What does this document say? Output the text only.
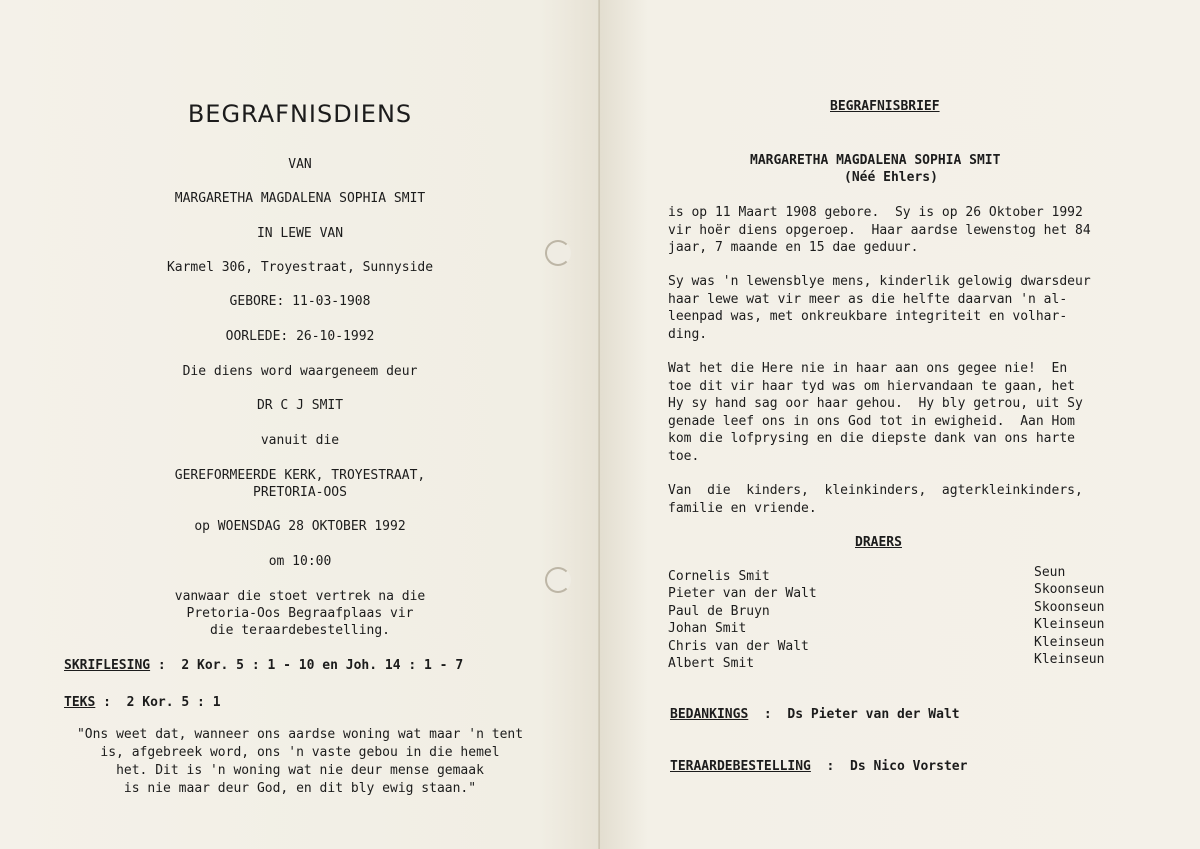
BEGRAFNISDIENS
VAN
MARGARETHA MAGDALENA SOPHIA SMIT
IN LEWE VAN
Karmel 306, Troyestraat, Sunnyside
GEBORE: 11-03-1908
OORLEDE: 26-10-1992
Die diens word waargeneem deur
DR C J SMIT
vanuit die
GEREFORMEERDE KERK, TROYESTRAAT,
PRETORIA-OOS
op WOENSDAG 28 OKTOBER 1992
om 10:00
vanwaar die stoet vertrek na die
Pretoria-Oos Begraafplaas vir
die teraardebestelling.
SKRIFLESING :  2 Kor. 5 : 1 - 10 en Joh. 14 : 1 - 7
TEKS :  2 Kor. 5 : 1
"Ons weet dat, wanneer ons aardse woning wat maar 'n tent
is, afgebreek word, ons 'n vaste gebou in die hemel
het. Dit is 'n woning wat nie deur mense gemaak
is nie maar deur God, en dit bly ewig staan."
BEGRAFNISBRIEF
MARGARETHA MAGDALENA SOPHIA SMIT
(Néé Ehlers)
is op 11 Maart 1908 gebore.  Sy is op 26 Oktober 1992
vir hoër diens opgeroep.  Haar aardse lewenstog het 84
jaar, 7 maande en 15 dae geduur.
Sy was 'n lewensblye mens, kinderlik gelowig dwarsdeur
haar lewe wat vir meer as die helfte daarvan 'n al-
leenpad was, met onkreukbare integriteit en volhar-
ding.
Wat het die Here nie in haar aan ons gegee nie!  En
toe dit vir haar tyd was om hiervandaan te gaan, het
Hy sy hand sag oor haar gehou.  Hy bly getrou, uit Sy
genade leef ons in ons God tot in ewigheid.  Aan Hom
kom die lofprysing en die diepste dank van ons harte
toe.
Van  die  kinders,  kleinkinders,  agterkleinkinders,
familie en vriende.
DRAERS
Cornelis Smit	Seun
Pieter van der Walt	Skoonseun
Paul de Bruyn	Skoonseun
Johan Smit	Kleinseun
Chris van der Walt	Kleinseun
Albert Smit	Kleinseun
BEDANKINGS  :  Ds Pieter van der Walt
TERAARDEBESTELLING  :  Ds Nico Vorster
